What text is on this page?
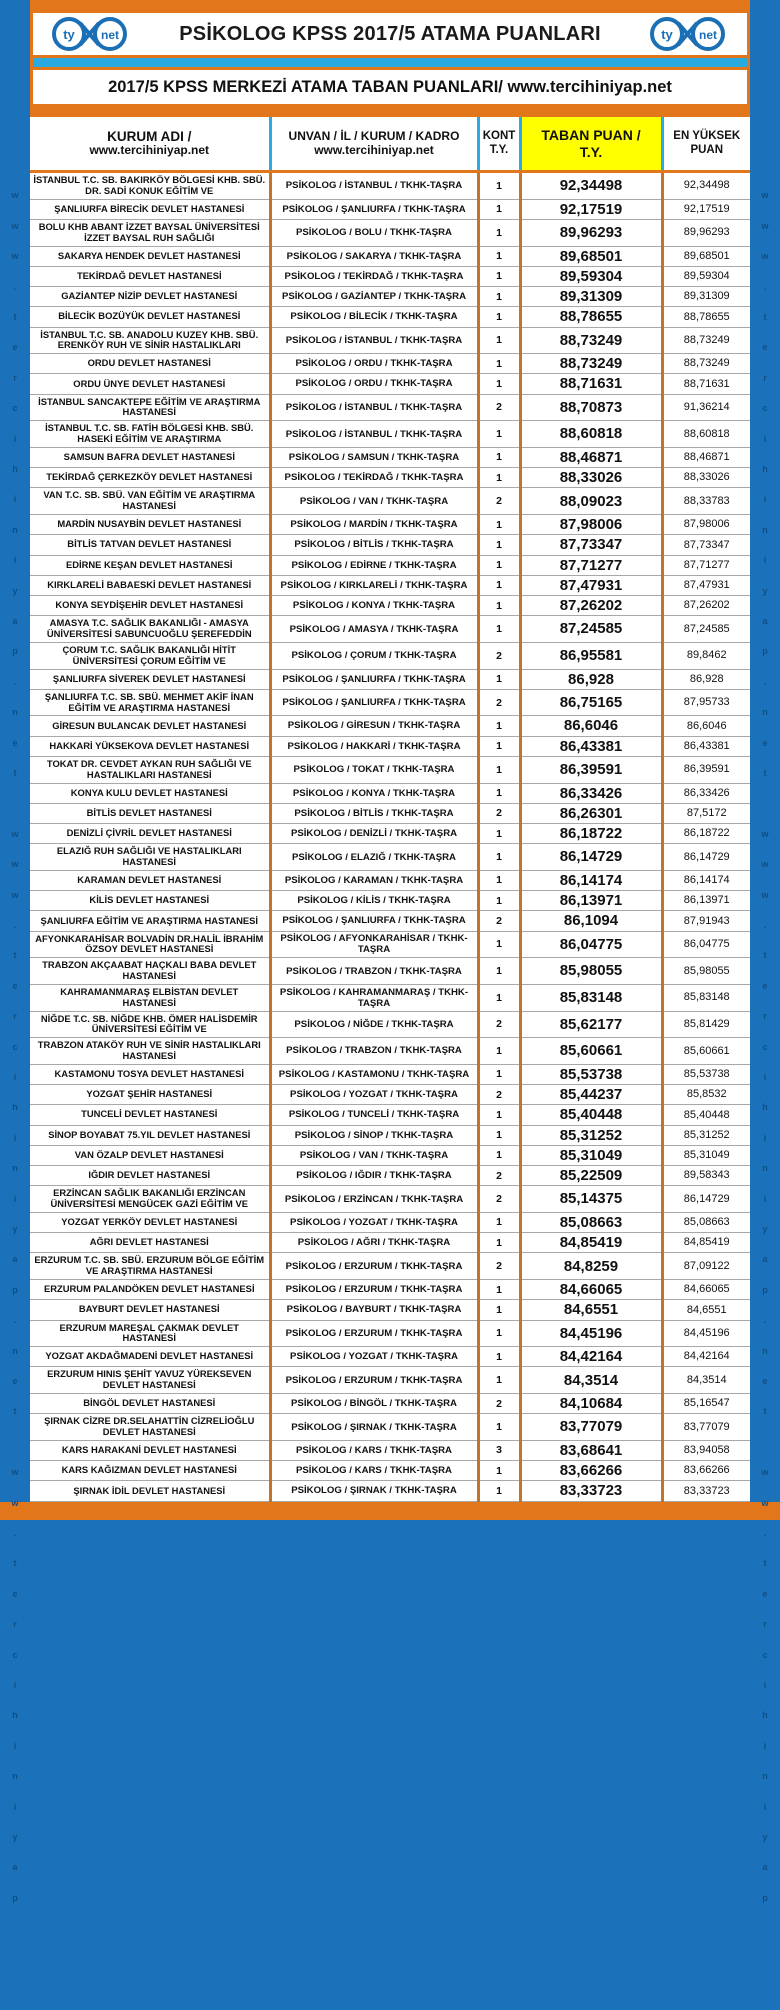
ty net	PSİKOLOG KPSS 2017/5 ATAMA PUANLARI	ty net
2017/5 KPSS MERKEZİ ATAMA TABAN PUANLARI/ www.tercihiniyap.net
KURUM ADI /
www.tercihiniyap.net

UNVAN / İL / KURUM / KADRO
www.tercihiniyap.net

KONT
T.Y.

TABAN PUAN /
T.Y.

EN YÜKSEK
PUAN

İSTANBUL T.C. SB. BAKIRKÖY BÖLGESİ KHB. SBÜ. DR. SADİ KONUK EĞİTİM VE	PSİKOLOG / İSTANBUL / TKHK-TAŞRA	1	92,34498	92,34498
ŞANLIURFA BİRECİK DEVLET HASTANESİ	PSİKOLOG / ŞANLIURFA / TKHK-TAŞRA	1	92,17519	92,17519
BOLU KHB ABANT İZZET BAYSAL ÜNİVERSİTESİ İZZET BAYSAL RUH SAĞLIĞI	PSİKOLOG / BOLU / TKHK-TAŞRA	1	89,96293	89,96293
SAKARYA HENDEK DEVLET HASTANESİ	PSİKOLOG / SAKARYA / TKHK-TAŞRA	1	89,68501	89,68501
TEKİRDAĞ DEVLET HASTANESİ	PSİKOLOG / TEKİRDAĞ / TKHK-TAŞRA	1	89,59304	89,59304
GAZİANTEP NİZİP DEVLET HASTANESİ	PSİKOLOG / GAZİANTEP / TKHK-TAŞRA	1	89,31309	89,31309
BİLECİK BOZÜYÜK DEVLET HASTANESİ	PSİKOLOG / BİLECİK / TKHK-TAŞRA	1	88,78655	88,78655
İSTANBUL T.C. SB. ANADOLU KUZEY KHB. SBÜ. ERENKÖY RUH VE SİNİR HASTALIKLARI	PSİKOLOG / İSTANBUL / TKHK-TAŞRA	1	88,73249	88,73249
ORDU DEVLET HASTANESİ	PSİKOLOG / ORDU / TKHK-TAŞRA	1	88,73249	88,73249
ORDU ÜNYE DEVLET HASTANESİ	PSİKOLOG / ORDU / TKHK-TAŞRA	1	88,71631	88,71631
İSTANBUL SANCAKTEPE EĞİTİM VE ARAŞTIRMA HASTANESİ	PSİKOLOG / İSTANBUL / TKHK-TAŞRA	2	88,70873	91,36214
İSTANBUL T.C. SB. FATİH BÖLGESİ KHB. SBÜ. HASEKİ EĞİTİM VE ARAŞTIRMA	PSİKOLOG / İSTANBUL / TKHK-TAŞRA	1	88,60818	88,60818
SAMSUN BAFRA DEVLET HASTANESİ	PSİKOLOG / SAMSUN / TKHK-TAŞRA	1	88,46871	88,46871
TEKİRDAĞ ÇERKEZKÖY DEVLET HASTANESİ	PSİKOLOG / TEKİRDAĞ / TKHK-TAŞRA	1	88,33026	88,33026
VAN T.C. SB. SBÜ. VAN EĞİTİM VE ARAŞTIRMA HASTANESİ	PSİKOLOG / VAN / TKHK-TAŞRA	2	88,09023	88,33783
MARDİN NUSAYBİN DEVLET HASTANESİ	PSİKOLOG / MARDİN / TKHK-TAŞRA	1	87,98006	87,98006
BİTLİS TATVAN DEVLET HASTANESİ	PSİKOLOG / BİTLİS / TKHK-TAŞRA	1	87,73347	87,73347
EDİRNE KEŞAN DEVLET HASTANESİ	PSİKOLOG / EDİRNE / TKHK-TAŞRA	1	87,71277	87,71277
KIRKLARELİ BABAESKİ DEVLET HASTANESİ	PSİKOLOG / KIRKLARELİ / TKHK-TAŞRA	1	87,47931	87,47931
KONYA SEYDİŞEHİR DEVLET HASTANESİ	PSİKOLOG / KONYA / TKHK-TAŞRA	1	87,26202	87,26202
AMASYA T.C. SAĞLIK BAKANLIĞI - AMASYA ÜNİVERSİTESİ SABUNCUOĞLU ŞEREFEDDİN	PSİKOLOG / AMASYA / TKHK-TAŞRA	1	87,24585	87,24585
ÇORUM T.C. SAĞLIK BAKANLIĞI HİTİT ÜNİVERSİTESİ ÇORUM EĞİTİM VE	PSİKOLOG / ÇORUM / TKHK-TAŞRA	2	86,95581	89,8462
ŞANLIURFA SİVEREK DEVLET HASTANESİ	PSİKOLOG / ŞANLIURFA / TKHK-TAŞRA	1	86,928	86,928
ŞANLIURFA T.C. SB. SBÜ. MEHMET AKİF İNAN EĞİTİM VE ARAŞTIRMA HASTANESİ	PSİKOLOG / ŞANLIURFA / TKHK-TAŞRA	2	86,75165	87,95733
GİRESUN BULANCAK DEVLET HASTANESİ	PSİKOLOG / GİRESUN / TKHK-TAŞRA	1	86,6046	86,6046
HAKKARİ YÜKSEKOVA DEVLET HASTANESİ	PSİKOLOG / HAKKARİ / TKHK-TAŞRA	1	86,43381	86,43381
TOKAT DR. CEVDET AYKAN RUH SAĞLIĞI VE HASTALIKLARI HASTANESİ	PSİKOLOG / TOKAT / TKHK-TAŞRA	1	86,39591	86,39591
KONYA KULU DEVLET HASTANESİ	PSİKOLOG / KONYA / TKHK-TAŞRA	1	86,33426	86,33426
BİTLİS DEVLET HASTANESİ	PSİKOLOG / BİTLİS / TKHK-TAŞRA	2	86,26301	87,5172
DENİZLİ ÇİVRİL DEVLET HASTANESİ	PSİKOLOG / DENİZLİ / TKHK-TAŞRA	1	86,18722	86,18722
ELAZIĞ RUH SAĞLIĞI VE HASTALIKLARI HASTANESİ	PSİKOLOG / ELAZIĞ / TKHK-TAŞRA	1	86,14729	86,14729
KARAMAN DEVLET HASTANESİ	PSİKOLOG / KARAMAN / TKHK-TAŞRA	1	86,14174	86,14174
KİLİS DEVLET HASTANESİ	PSİKOLOG / KİLİS / TKHK-TAŞRA	1	86,13971	86,13971
ŞANLIURFA EĞİTİM VE ARAŞTIRMA HASTANESİ	PSİKOLOG / ŞANLIURFA / TKHK-TAŞRA	2	86,1094	87,91943
AFYONKARAHİSAR BOLVADİN DR.HALİL İBRAHİM ÖZSOY DEVLET HASTANESİ	PSİKOLOG / AFYONKARAHİSAR / TKHK-TAŞRA	1	86,04775	86,04775
TRABZON AKÇAABAT HAÇKALI BABA DEVLET HASTANESİ	PSİKOLOG / TRABZON / TKHK-TAŞRA	1	85,98055	85,98055
KAHRAMANMARAŞ ELBİSTAN DEVLET HASTANESİ	PSİKOLOG / KAHRAMANMARAŞ / TKHK-TAŞRA	1	85,83148	85,83148
NİĞDE T.C. SB. NİĞDE KHB. ÖMER HALİSDEMİR ÜNİVERSİTESİ EĞİTİM VE	PSİKOLOG / NİĞDE / TKHK-TAŞRA	2	85,62177	85,81429
TRABZON ATAKÖY RUH VE SİNİR HASTALIKLARI HASTANESİ	PSİKOLOG / TRABZON / TKHK-TAŞRA	1	85,60661	85,60661
KASTAMONU TOSYA DEVLET HASTANESİ	PSİKOLOG / KASTAMONU / TKHK-TAŞRA	1	85,53738	85,53738
YOZGAT ŞEHİR HASTANESİ	PSİKOLOG / YOZGAT / TKHK-TAŞRA	2	85,44237	85,8532
TUNCELİ DEVLET HASTANESİ	PSİKOLOG / TUNCELİ / TKHK-TAŞRA	1	85,40448	85,40448
SİNOP BOYABAT 75.YIL DEVLET HASTANESİ	PSİKOLOG / SİNOP / TKHK-TAŞRA	1	85,31252	85,31252
VAN ÖZALP DEVLET HASTANESİ	PSİKOLOG / VAN / TKHK-TAŞRA	1	85,31049	85,31049
IĞDIR DEVLET HASTANESİ	PSİKOLOG / IĞDIR / TKHK-TAŞRA	2	85,22509	89,58343
ERZİNCAN SAĞLIK BAKANLIĞI ERZİNCAN ÜNİVERSİTESİ MENGÜCEK GAZİ EĞİTİM VE	PSİKOLOG / ERZİNCAN / TKHK-TAŞRA	2	85,14375	86,14729
YOZGAT YERKÖY DEVLET HASTANESİ	PSİKOLOG / YOZGAT / TKHK-TAŞRA	1	85,08663	85,08663
AĞRI DEVLET HASTANESİ	PSİKOLOG / AĞRI / TKHK-TAŞRA	1	84,85419	84,85419
ERZURUM T.C. SB. SBÜ. ERZURUM BÖLGE EĞİTİM VE ARAŞTIRMA HASTANESİ	PSİKOLOG / ERZURUM / TKHK-TAŞRA	2	84,8259	87,09122
ERZURUM PALANDÖKEN DEVLET HASTANESİ	PSİKOLOG / ERZURUM / TKHK-TAŞRA	1	84,66065	84,66065
BAYBURT DEVLET HASTANESİ	PSİKOLOG / BAYBURT / TKHK-TAŞRA	1	84,6551	84,6551
ERZURUM MAREŞAL ÇAKMAK DEVLET HASTANESİ	PSİKOLOG / ERZURUM / TKHK-TAŞRA	1	84,45196	84,45196
YOZGAT AKDAĞMADENİ DEVLET HASTANESİ	PSİKOLOG / YOZGAT / TKHK-TAŞRA	1	84,42164	84,42164
ERZURUM HINIS ŞEHİT YAVUZ YÜREKSEVEN DEVLET HASTANESİ	PSİKOLOG / ERZURUM / TKHK-TAŞRA	1	84,3514	84,3514
BİNGÖL DEVLET HASTANESİ	PSİKOLOG / BİNGÖL / TKHK-TAŞRA	2	84,10684	85,16547
ŞIRNAK CİZRE DR.SELAHATTİN CİZRELİOĞLU DEVLET HASTANESİ	PSİKOLOG / ŞIRNAK / TKHK-TAŞRA	1	83,77079	83,77079
KARS HARAKANİ DEVLET HASTANESİ	PSİKOLOG / KARS / TKHK-TAŞRA	3	83,68641	83,94058
KARS KAĞIZMAN DEVLET HASTANESİ	PSİKOLOG / KARS / TKHK-TAŞRA	1	83,66266	83,66266
ŞIRNAK İDİL DEVLET HASTANESİ	PSİKOLOG / ŞIRNAK / TKHK-TAŞRA	1	83,33723	83,33723
w
w
w
.
t
e
r
c
i
h
i
n
i
y
a
p
.
n
e
t
w
w
w
.
t
e
r
c
i
h
i
n
i
y
a
p
.
n
e
t
w
w
.
t
e
r
c
i
h
i
n
i
y
a
p
w
w
w
.
t
e
r
c
i
h
i
n
i
y
a
p
.
n
e
t
w
w
w
.
t
e
r
c
i
h
i
n
i
y
a
p
.
n
e
t
w
w
.
t
e
r
c
i
h
i
n
i
y
a
p
